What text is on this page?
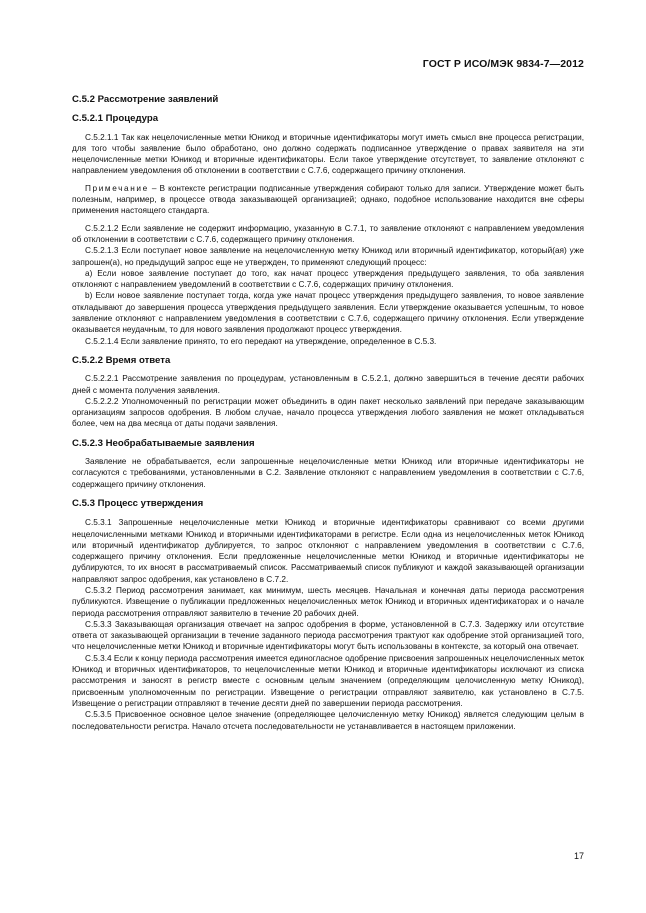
ГОСТ Р ИСО/МЭК 9834-7—2012
С.5.2 Рассмотрение заявлений
С.5.2.1 Процедура

С.5.2.1.1 Так как нецелочисленные метки Юникод и вторичные идентификаторы могут иметь смысл вне процесса регистрации, для того чтобы заявление было обработано, оно должно содержать подписанное утверждение о правах заявителя на эти нецелочисленные метки Юникод и вторичные идентификаторы. Если такое утверждение отсутствует, то заявление отклоняют с направлением уведомления об отклонении в соответствии с С.7.6, содержащего причину отклонения.

Примечание – В контексте регистрации подписанные утверждения собирают только для записи. Утверждение может быть полезным, например, в процессе отвода заказывающей организацией; однако, подобное использование находится вне сферы применения настоящего стандарта.

С.5.2.1.2 Если заявление не содержит информацию, указанную в С.7.1, то заявление отклоняют с направлением уведомления об отклонении в соответствии с С.7.6, содержащего причину отклонения.

С.5.2.1.3 Если поступает новое заявление на нецелочисленную метку Юникод или вторичный идентификатор, который(ая) уже запрошен(а), но предыдущий запрос еще не утвержден, то применяют следующий процесс:

a) Если новое заявление поступает до того, как начат процесс утверждения предыдущего заявления, то оба заявления отклоняют с направлением уведомлений в соответствии с С.7.6, содержащих причину отклонения.

b) Если новое заявление поступает тогда, когда уже начат процесс утверждения предыдущего заявления, то новое заявление откладывают до завершения процесса утверждения предыдущего заявления. Если утверждение оказывается успешным, то новое заявление отклоняют с направлением уведомления в соответствии с С.7.6, содержащего причину отклонения. Если утверждение оказывается неудачным, то для нового заявления продолжают процесс утверждения.

С.5.2.1.4 Если заявление принято, то его передают на утверждение, определенное в С.5.3.

С.5.2.2 Время ответа

С.5.2.2.1 Рассмотрение заявления по процедурам, установленным в С.5.2.1, должно завершиться в течение десяти рабочих дней с момента получения заявления.

С.5.2.2.2 Уполномоченный по регистрации может объединить в один пакет несколько заявлений при передаче заказывающим организациям запросов одобрения. В любом случае, начало процесса утверждения любого заявления не может откладываться более, чем на два месяца от даты подачи заявления.

С.5.2.3 Необрабатываемые заявления

Заявление не обрабатывается, если запрошенные нецелочисленные метки Юникод или вторичные идентификаторы не согласуются с требованиями, установленными в С.2. Заявление отклоняют с направлением уведомления в соответствии с С.7.6, содержащего причину отклонения.

С.5.3 Процесс утверждения

С.5.3.1 Запрошенные нецелочисленные метки Юникод и вторичные идентификаторы сравнивают со всеми другими нецелочисленными метками Юникод и вторичными идентификаторами в регистре. Если одна из нецелочисленных меток Юникод или вторичный идентификатор дублируется, то запрос отклоняют с направлением уведомления в соответствии с С.7.6, содержащего причину отклонения. Если предложенные нецелочисленные метки Юникод и вторичные идентификаторы не дублируются, то их вносят в рассматриваемый список. Рассматриваемый список публикуют и каждой заказывающей организации направляют запрос одобрения, как установлено в С.7.2.

С.5.3.2 Период рассмотрения занимает, как минимум, шесть месяцев. Начальная и конечная даты периода рассмотрения публикуются. Извещение о публикации предложенных нецелочисленных меток Юникод и вторичных идентификаторах и о начале периода рассмотрения отправляют заявителю в течение 20 рабочих дней.

С.5.3.3 Заказывающая организация отвечает на запрос одобрения в форме, установленной в С.7.3. Задержку или отсутствие ответа от заказывающей организации в течение заданного периода рассмотрения трактуют как одобрение этой организацией того, что нецелочисленные метки Юникод и вторичные идентификаторы могут быть использованы в контексте, за который она отвечает.

С.5.3.4 Если к концу периода рассмотрения имеется единогласное одобрение присвоения запрошенных нецелочисленных меток Юникод и вторичных идентификаторов, то нецелочисленные метки Юникод и вторичные идентификаторы исключают из списка рассмотрения и заносят в регистр вместе с основным целым значением (определяющим целочисленную метку Юникод), присвоенным уполномоченным по регистрации. Извещение о регистрации отправляют заявителю, как установлено в С.7.5. Извещение о регистрации отправляют в течение десяти дней по завершении периода рассмотрения.

С.5.3.5 Присвоенное основное целое значение (определяющее целочисленную метку Юникод) является следующим целым в последовательности регистра. Начало отсчета последовательности не устанавливается в настоящем приложении.

17
